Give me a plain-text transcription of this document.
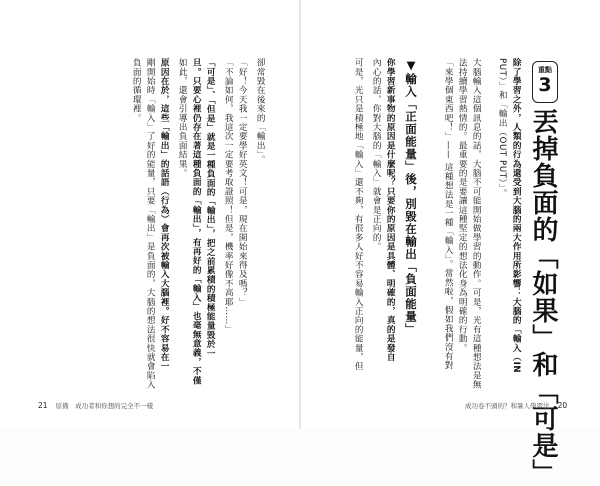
重點
3
丟掉負面的「如果」和「可是」
除了學習之外，人類的行為還受到大腦的兩大作用所影響：大腦的「輸入（IN
PUT）」和「輸出（OUT PUT）」。
大腦輸入這個訊息的話，大腦不可能開始做學習的動作。可是，光有這種想法是無
法持續學習熱情的。最重要的是要讓這種堅定的想法化身為明確的行動。
「來學個東西吧！」—— 這種想法是一種「輸入」。當然啦，假如我們沒有對
▼輸入「正面能量」後，別毀在輸出「負面能量」
你學習新事物的原因是什麼呢？只要你的原因是具體、明確的，真的是發自
內心的話，你對大腦的「輸入」就會是正向的。
可是，光只是積極地「輸入」還不夠，有很多人好不容易輸入正向的能量，但
成功卷不頭的？和暑人學習法 20
卻常毀在後來的「輸出」。
「好！今天我一定要學好英文！可是，現在開始來得及嗎？」
「不論如何，我這次一定要考取證照！但是，機率好像不高耶……」
「可是」、「但是」就是一種負面的「輸出」，把之前累積的積極能量毀於一
旦。只要心裡仍存在著這種負面的「輸出」，有再好的「輸入」也毫無意義，不僅
如此，還會引導出負面結果。
原因在於，這些「輸出」的話語（行為）會再次被輸入大腦裡。好不容易在一
剛開始時「輸入」了好的能量，只要「輸出」是負面的，大腦的想法很快就會陷入
負面的循環裡。
21 原備　成功者和你想的完全不一樣
